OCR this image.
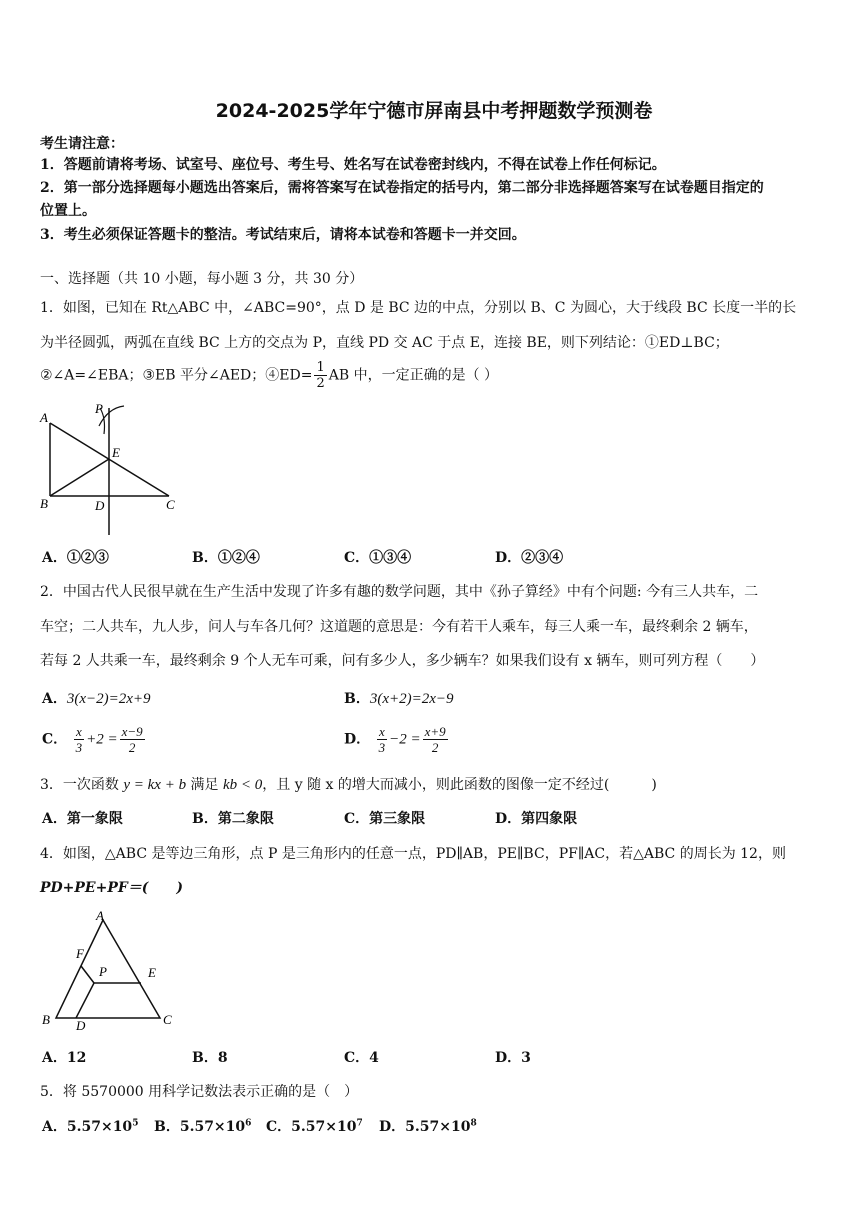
2024-2025学年宁德市屏南县中考押题数学预测卷
考生请注意：
1．答题前请将考场、试室号、座位号、考生号、姓名写在试卷密封线内，不得在试卷上作任何标记。
2．第一部分选择题每小题选出答案后，需将答案写在试卷指定的括号内，第二部分非选择题答案写在试卷题目指定的
位置上。
3．考生必须保证答题卡的整洁。考试结束后，请将本试卷和答题卡一并交回。
一、选择题（共 10 小题，每小题 3 分，共 30 分）
1．如图，已知在 Rt△ABC 中，∠ABC=90°，点 D 是 BC 边的中点，分别以 B、C 为圆心，大于线段 BC 长度一半的长
为半径圆弧，两弧在直线 BC 上方的交点为 P，直线 PD 交 AC 于点 E，连接 BE，则下列结论：①ED⊥BC；
②∠A=∠EBA；③EB 平分∠AED；④ED= $\frac{1}{2}$ AB 中，一定正确的是（ ）
A
P
E
B	D	C
A．①②③	B．①②④	C．①③④	D．②③④
2．中国古代人民很早就在生产生活中发现了许多有趣的数学问题，其中《孙子算经》中有个问题: 今有三人共车，二
车空；二人共车，九人步，问人与车各几何？这道题的意思是：今有若干人乘车，每三人乘一车，最终剩余 2 辆车，
若每 2 人共乘一车，最终剩余 9 个人无车可乘，问有多少人，多少辆车？如果我们设有 x 辆车，则可列方程（　　）
A．3(x−2)=2x+9	B．3(x+2)=2x−9
C． $\frac{x}{3} +2 = \frac{x-9}{2}$	D． $\frac{x}{3} -2 = \frac{x+9}{2}$
3．一次函数 y = kx + b 满足 kb < 0，且 y 随 x 的增大而减小，则此函数的图像一定不经过(　　　)
A．第一象限	B．第二象限	C．第三象限	D．第四象限
4．如图，△ABC 是等边三角形，点 P 是三角形内的任意一点，PD∥AB，PE∥BC，PF∥AC，若△ABC 的周长为 12，则
PD+PE+PF＝(　　)
A
F
P	E
B D	C
A．12	B．8	C．4	D．3
5．将 5570000 用科学记数法表示正确的是（　）
A．$5.57\times 10^5$ B．$5.57\times 10^6$ C．$5.57\times 10^7$ D．$5.57\times 10^8$
